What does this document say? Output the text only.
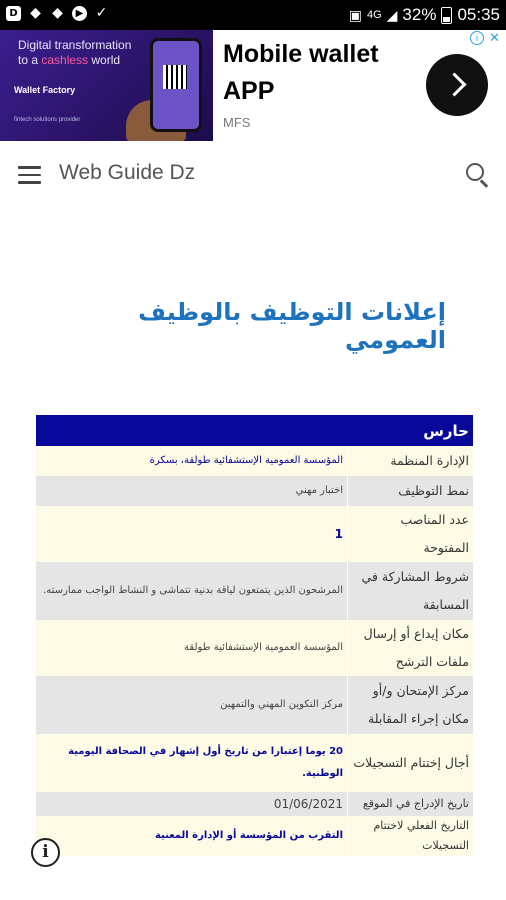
D ◆ ◆	▶ ✓	▣ 4G ◢ 32% 05:35
Digital transformation
to a cashless world
Wallet Factory
fintech solutions provider
Mobile wallet APP
MFS
i ✕
Web Guide Dz
إعلانات التوظيف بالوظيف العمومي
حارس	
الإدارة المنظمة	المؤسسة العمومية الإستشفائية طولقة، بسكرة
نمط التوظيف	اختبار مهني
عدد المناصب المفتوحة	1
شروط المشاركة في المسابقة	المرشحون الذين يتمتعون لياقة بدنية تتماشى و النشاط الواجب ممارسته.
مكان إيداع أو إرسال ملفات الترشح	المؤسسة العمومية الإستشفائية طولقة
مركز الإمتحان و/أو مكان إجراء المقابلة	مركز التكوين المهني والتمهين
أجال إختتام التسجيلات	20 يوما إعتبارا من تاريخ أول إشهار في الصحافة اليومية الوطنية.
تاريخ الإدراج في الموقع	01/06/2021
التاريخ الفعلي لاختتام التسجيلات	التقرب من المؤسسة أو الإدارة المعنية
i
